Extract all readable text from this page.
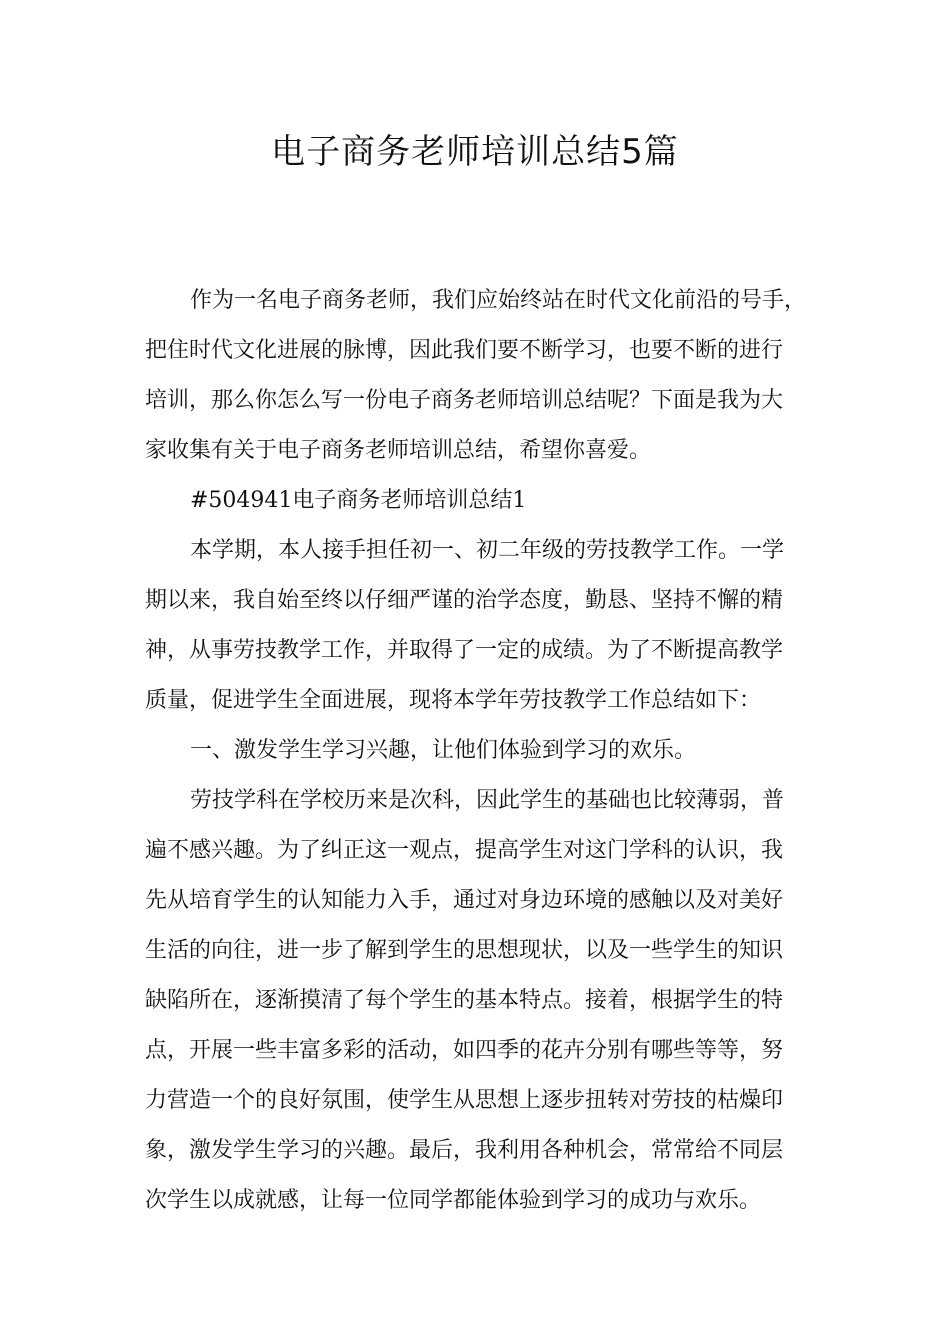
电子商务老师培训总结5篇

作为一名电子商务老师，我们应始终站在时代文化前沿的号手，

把住时代文化进展的脉博，因此我们要不断学习，也要不断的进行

培训，那么你怎么写一份电子商务老师培训总结呢？下面是我为大

家收集有关于电子商务老师培训总结，希望你喜爱。

#504941电子商务老师培训总结1

本学期，本人接手担任初一、初二年级的劳技教学工作。一学

期以来，我自始至终以仔细严谨的治学态度，勤恳、坚持不懈的精

神，从事劳技教学工作，并取得了一定的成绩。为了不断提高教学

质量，促进学生全面进展，现将本学年劳技教学工作总结如下：

一、激发学生学习兴趣，让他们体验到学习的欢乐。

劳技学科在学校历来是次科，因此学生的基础也比较薄弱，普

遍不感兴趣。为了纠正这一观点，提高学生对这门学科的认识，我

先从培育学生的认知能力入手，通过对身边环境的感触以及对美好

生活的向往，进一步了解到学生的思想现状，以及一些学生的知识

缺陷所在，逐渐摸清了每个学生的基本特点。接着，根据学生的特

点，开展一些丰富多彩的活动，如四季的花卉分别有哪些等等，努

力营造一个的良好氛围，使学生从思想上逐步扭转对劳技的枯燥印

象，激发学生学习的兴趣。最后，我利用各种机会，常常给不同层

次学生以成就感，让每一位同学都能体验到学习的成功与欢乐。
